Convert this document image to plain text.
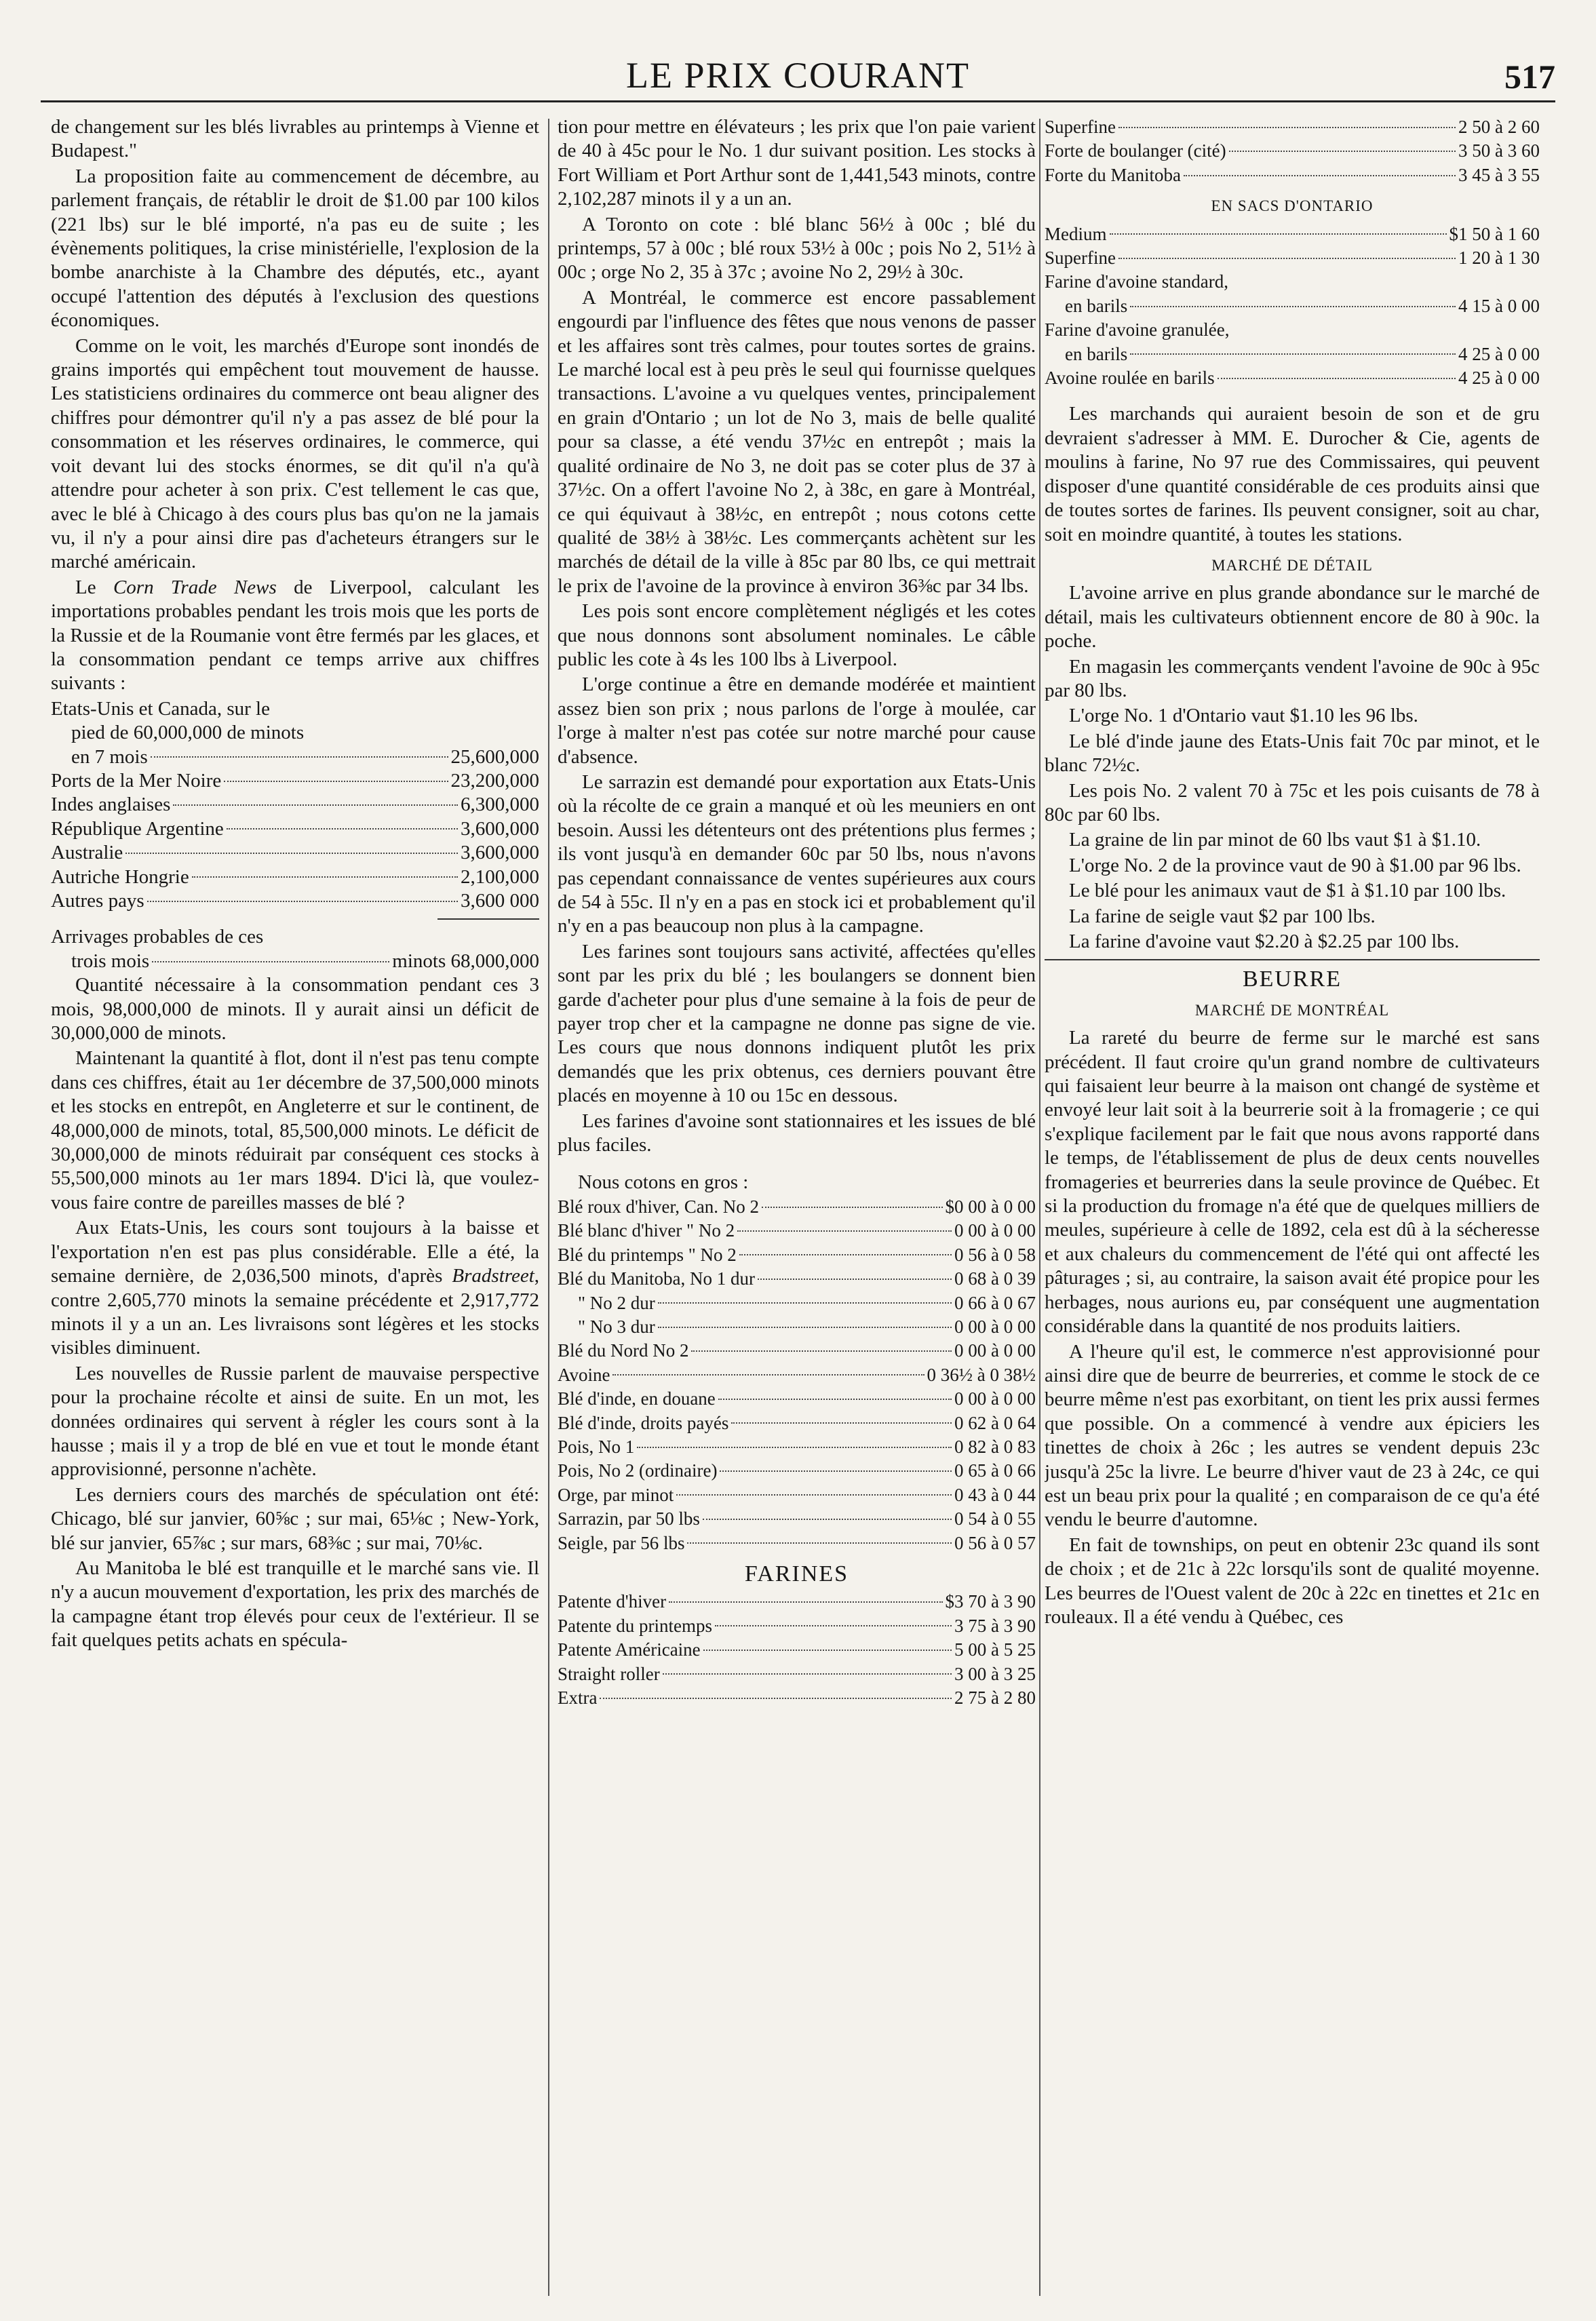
LE PRIX COURANT	517

de changement sur les blés livrables au printemps à Vienne et Budapest."

La proposition faite au commencement de décembre, au parlement français, de rétablir le droit de $1.00 par 100 kilos (221 lbs) sur le blé importé, n'a pas eu de suite ; les évènements politiques, la crise ministérielle, l'explosion de la bombe anarchiste à la Chambre des députés, etc., ayant occupé l'attention des députés à l'exclusion des questions économiques.

Comme on le voit, les marchés d'Europe sont inondés de grains importés qui empêchent tout mouvement de hausse. Les statisticiens ordinaires du commerce ont beau aligner des chiffres pour démontrer qu'il n'y a pas assez de blé pour la consommation et les réserves ordinaires, le commerce, qui voit devant lui des stocks énormes, se dit qu'il n'a qu'à attendre pour acheter à son prix. C'est tellement le cas que, avec le blé à Chicago à des cours plus bas qu'on ne la jamais vu, il n'y a pour ainsi dire pas d'acheteurs étrangers sur le marché américain.

Le Corn Trade News de Liverpool, calculant les importations probables pendant les trois mois que les ports de la Russie et de la Roumanie vont être fermés par les glaces, et la consommation pendant ce temps arrive aux chiffres suivants :

Etats-Unis et Canada, sur le
pied de 60,000,000 de minots
en 7 mois	25,600,000
Ports de la Mer Noire	23,200,000
Indes anglaises	6,300,000
République Argentine	3,600,000
Australie	3,600,000
Autriche Hongrie	2,100,000
Autres pays	3,600 000
Arrivages probables de ces
trois mois	minots 68,000,000

Quantité nécessaire à la consommation pendant ces 3 mois, 98,000,000 de minots. Il y aurait ainsi un déficit de 30,000,000 de minots.

Maintenant la quantité à flot, dont il n'est pas tenu compte dans ces chiffres, était au 1er décembre de 37,500,000 minots et les stocks en entrepôt, en Angleterre et sur le continent, de 48,000,000 de minots, total, 85,500,000 minots. Le déficit de 30,000,000 de minots réduirait par conséquent ces stocks à 55,500,000 minots au 1er mars 1894. D'ici là, que voulez-vous faire contre de pareilles masses de blé ?

Aux Etats-Unis, les cours sont toujours à la baisse et l'exportation n'en est pas plus considérable. Elle a été, la semaine dernière, de 2,036,500 minots, d'après Bradstreet, contre 2,605,770 minots la semaine précédente et 2,917,772 minots il y a un an. Les livraisons sont légères et les stocks visibles diminuent.

Les nouvelles de Russie parlent de mauvaise perspective pour la prochaine récolte et ainsi de suite. En un mot, les données ordinaires qui servent à régler les cours sont à la hausse ; mais il y a trop de blé en vue et tout le monde étant approvisionné, personne n'achète.

Les derniers cours des marchés de spéculation ont été: Chicago, blé sur janvier, 60⅝c ; sur mai, 65⅛c ; New-York, blé sur janvier, 65⅞c ; sur mars, 68⅜c ; sur mai, 70⅛c.

Au Manitoba le blé est tranquille et le marché sans vie. Il n'y a aucun mouvement d'exportation, les prix des marchés de la campagne étant trop élevés pour ceux de l'extérieur. Il se fait quelques petits achats en spécula-

tion pour mettre en élévateurs ; les prix que l'on paie varient de 40 à 45c pour le No. 1 dur suivant position. Les stocks à Fort William et Port Arthur sont de 1,441,543 minots, contre 2,102,287 minots il y a un an.

A Toronto on cote : blé blanc 56½ à 00c ; blé du printemps, 57 à 00c ; blé roux 53½ à 00c ; pois No 2, 51½ à 00c ; orge No 2, 35 à 37c ; avoine No 2, 29½ à 30c.

A Montréal, le commerce est encore passablement engourdi par l'influence des fêtes que nous venons de passer et les affaires sont très calmes, pour toutes sortes de grains. Le marché local est à peu près le seul qui fournisse quelques transactions. L'avoine a vu quelques ventes, principalement en grain d'Ontario ; un lot de No 3, mais de belle qualité pour sa classe, a été vendu 37½c en entrepôt ; mais la qualité ordinaire de No 3, ne doit pas se coter plus de 37 à 37½c. On a offert l'avoine No 2, à 38c, en gare à Montréal, ce qui équivaut à 38½c, en entrepôt ; nous cotons cette qualité de 38½ à 38½c. Les commerçants achètent sur les marchés de détail de la ville à 85c par 80 lbs, ce qui mettrait le prix de l'avoine de la province à environ 36⅜c par 34 lbs.

Les pois sont encore complètement négligés et les cotes que nous donnons sont absolument nominales. Le câble public les cote à 4s les 100 lbs à Liverpool.

L'orge continue a être en demande modérée et maintient assez bien son prix ; nous parlons de l'orge à moulée, car l'orge à malter n'est pas cotée sur notre marché pour cause d'absence.

Le sarrazin est demandé pour exportation aux Etats-Unis où la récolte de ce grain a manqué et où les meuniers en ont besoin. Aussi les détenteurs ont des prétentions plus fermes ; ils vont jusqu'à en demander 60c par 50 lbs, nous n'avons pas cependant connaissance de ventes supérieures aux cours de 54 à 55c. Il n'y en a pas en stock ici et probablement qu'il n'y en a pas beaucoup non plus à la campagne.

Les farines sont toujours sans activité, affectées qu'elles sont par les prix du blé ; les boulangers se donnent bien garde d'acheter pour plus d'une semaine à la fois de peur de payer trop cher et la campagne ne donne pas signe de vie. Les cours que nous donnons indiquent plutôt les prix demandés que les prix obtenus, ces derniers pouvant être placés en moyenne à 10 ou 15c en dessous.

Les farines d'avoine sont stationnaires et les issues de blé plus faciles.

Nous cotons en gros :
Blé roux d'hiver, Can. No 2	$0 00 à 0 00
Blé blanc d'hiver " No 2	0 00 à 0 00
Blé du printemps " No 2	0 56 à 0 58
Blé du Manitoba, No 1 dur	0 68 à 0 39
" No 2 dur	0 66 à 0 67
" No 3 dur	0 00 à 0 00
Blé du Nord No 2	0 00 à 0 00
Avoine	0 36½ à 0 38½
Blé d'inde, en douane	0 00 à 0 00
Blé d'inde, droits payés	0 62 à 0 64
Pois, No 1	0 82 à 0 83
Pois, No 2 (ordinaire)	0 65 à 0 66
Orge, par minot	0 43 à 0 44
Sarrazin, par 50 lbs	0 54 à 0 55
Seigle, par 56 lbs	0 56 à 0 57
FARINES
Patente d'hiver	$3 70 à 3 90
Patente du printemps	3 75 à 3 90
Patente Américaine	5 00 à 5 25
Straight roller	3 00 à 3 25
Extra	2 75 à 2 80
Superfine	2 50 à 2 60
Forte de boulanger (cité)	3 50 à 3 60
Forte du Manitoba	3 45 à 3 55
EN SACS D'ONTARIO
Medium	$1 50 à 1 60
Superfine	1 20 à 1 30
Farine d'avoine standard,
en barils	4 15 à 0 00
Farine d'avoine granulée,
en barils	4 25 à 0 00
Avoine roulée en barils	4 25 à 0 00

Les marchands qui auraient besoin de son et de gru devraient s'adresser à MM. E. Durocher & Cie, agents de moulins à farine, No 97 rue des Commissaires, qui peuvent disposer d'une quantité considérable de ces produits ainsi que de toutes sortes de farines. Ils peuvent consigner, soit au char, soit en moindre quantité, à toutes les stations.

MARCHÉ DE DÉTAIL

L'avoine arrive en plus grande abondance sur le marché de détail, mais les cultivateurs obtiennent encore de 80 à 90c. la poche.

En magasin les commerçants vendent l'avoine de 90c à 95c par 80 lbs.

L'orge No. 1 d'Ontario vaut $1.10 les 96 lbs.

Le blé d'inde jaune des Etats-Unis fait 70c par minot, et le blanc 72½c.

Les pois No. 2 valent 70 à 75c et les pois cuisants de 78 à 80c par 60 lbs.

La graine de lin par minot de 60 lbs vaut $1 à $1.10.

L'orge No. 2 de la province vaut de 90 à $1.00 par 96 lbs.

Le blé pour les animaux vaut de $1 à $1.10 par 100 lbs.

La farine de seigle vaut $2 par 100 lbs.

La farine d'avoine vaut $2.20 à $2.25 par 100 lbs.

BEURRE
MARCHÉ DE MONTRÉAL

La rareté du beurre de ferme sur le marché est sans précédent. Il faut croire qu'un grand nombre de cultivateurs qui faisaient leur beurre à la maison ont changé de système et envoyé leur lait soit à la beurrerie soit à la fromagerie ; ce qui s'explique facilement par le fait que nous avons rapporté dans le temps, de l'établissement de plus de deux cents nouvelles fromageries et beurreries dans la seule province de Québec. Et si la production du fromage n'a été que de quelques milliers de meules, supérieure à celle de 1892, cela est dû à la sécheresse et aux chaleurs du commencement de l'été qui ont affecté les pâturages ; si, au contraire, la saison avait été propice pour les herbages, nous aurions eu, par conséquent une augmentation considérable dans la quantité de nos produits laitiers.

A l'heure qu'il est, le commerce n'est approvisionné pour ainsi dire que de beurre de beurreries, et comme le stock de ce beurre même n'est pas exorbitant, on tient les prix aussi fermes que possible. On a commencé à vendre aux épiciers les tinettes de choix à 26c ; les autres se vendent depuis 23c jusqu'à 25c la livre. Le beurre d'hiver vaut de 23 à 24c, ce qui est un beau prix pour la qualité ; en comparaison de ce qu'a été vendu le beurre d'automne.

En fait de townships, on peut en obtenir 23c quand ils sont de choix ; et de 21c à 22c lorsqu'ils sont de qualité moyenne. Les beurres de l'Ouest valent de 20c à 22c en tinettes et 21c en rouleaux. Il a été vendu à Québec, ces
